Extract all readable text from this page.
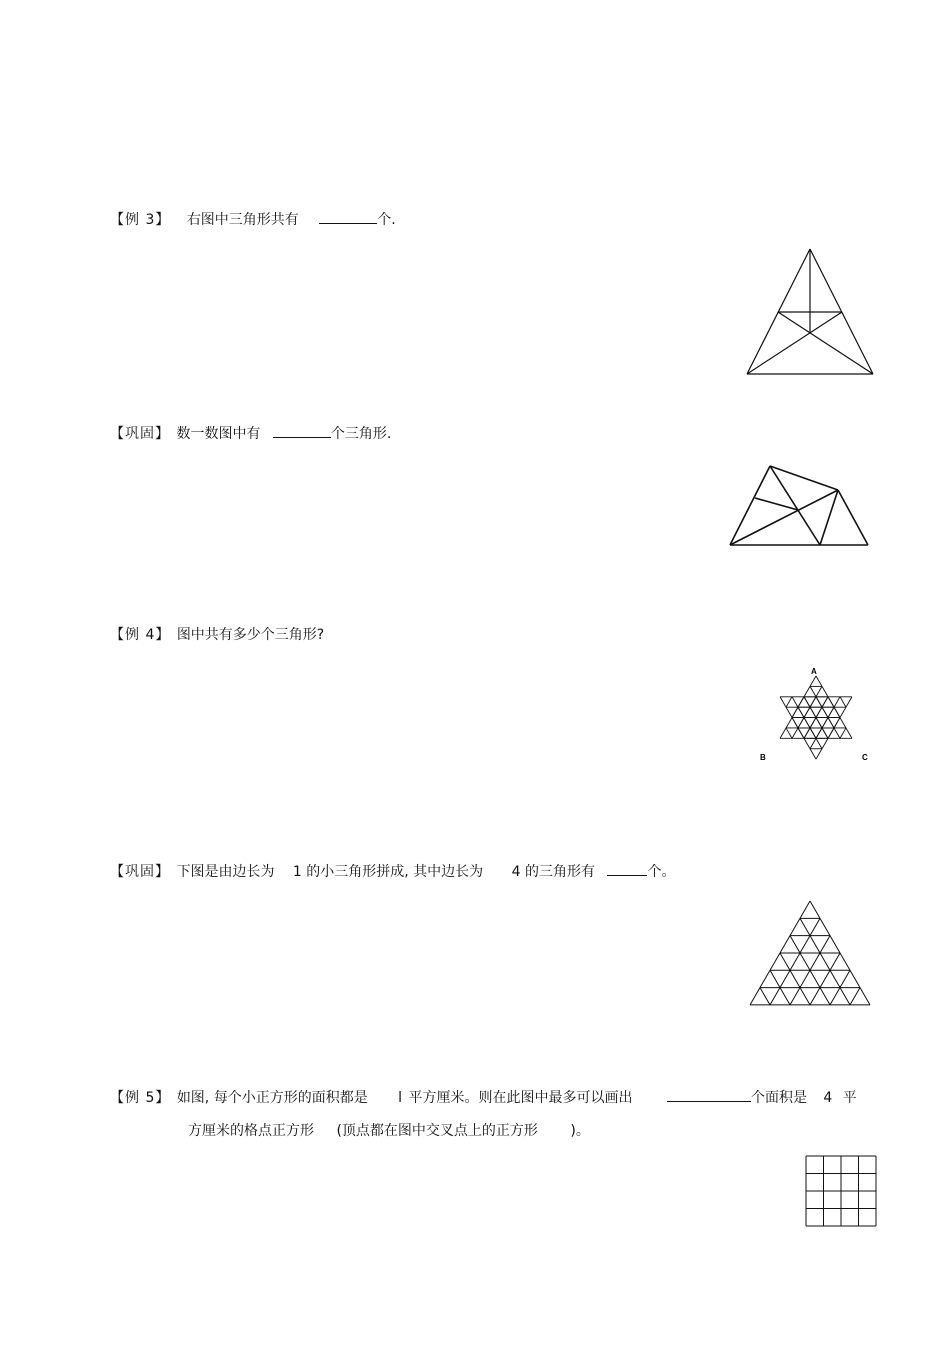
【例 3】 右图中三角形共有	个.
【巩固】 数一数图中有	个三角形.
【例 4】 图中共有多少个三角形?
A
B	C
【巩固】 下图是由边长为 1 的小三角形拼成, 其中边长为 4 的三角形有	个。
【例 5】 如图, 每个小正方形的面积都是 l 平方厘米。则在此图中最多可以画出	个面积是 4 平
方厘米的格点正方形 (顶点都在图中交叉点上的正方形 )。
